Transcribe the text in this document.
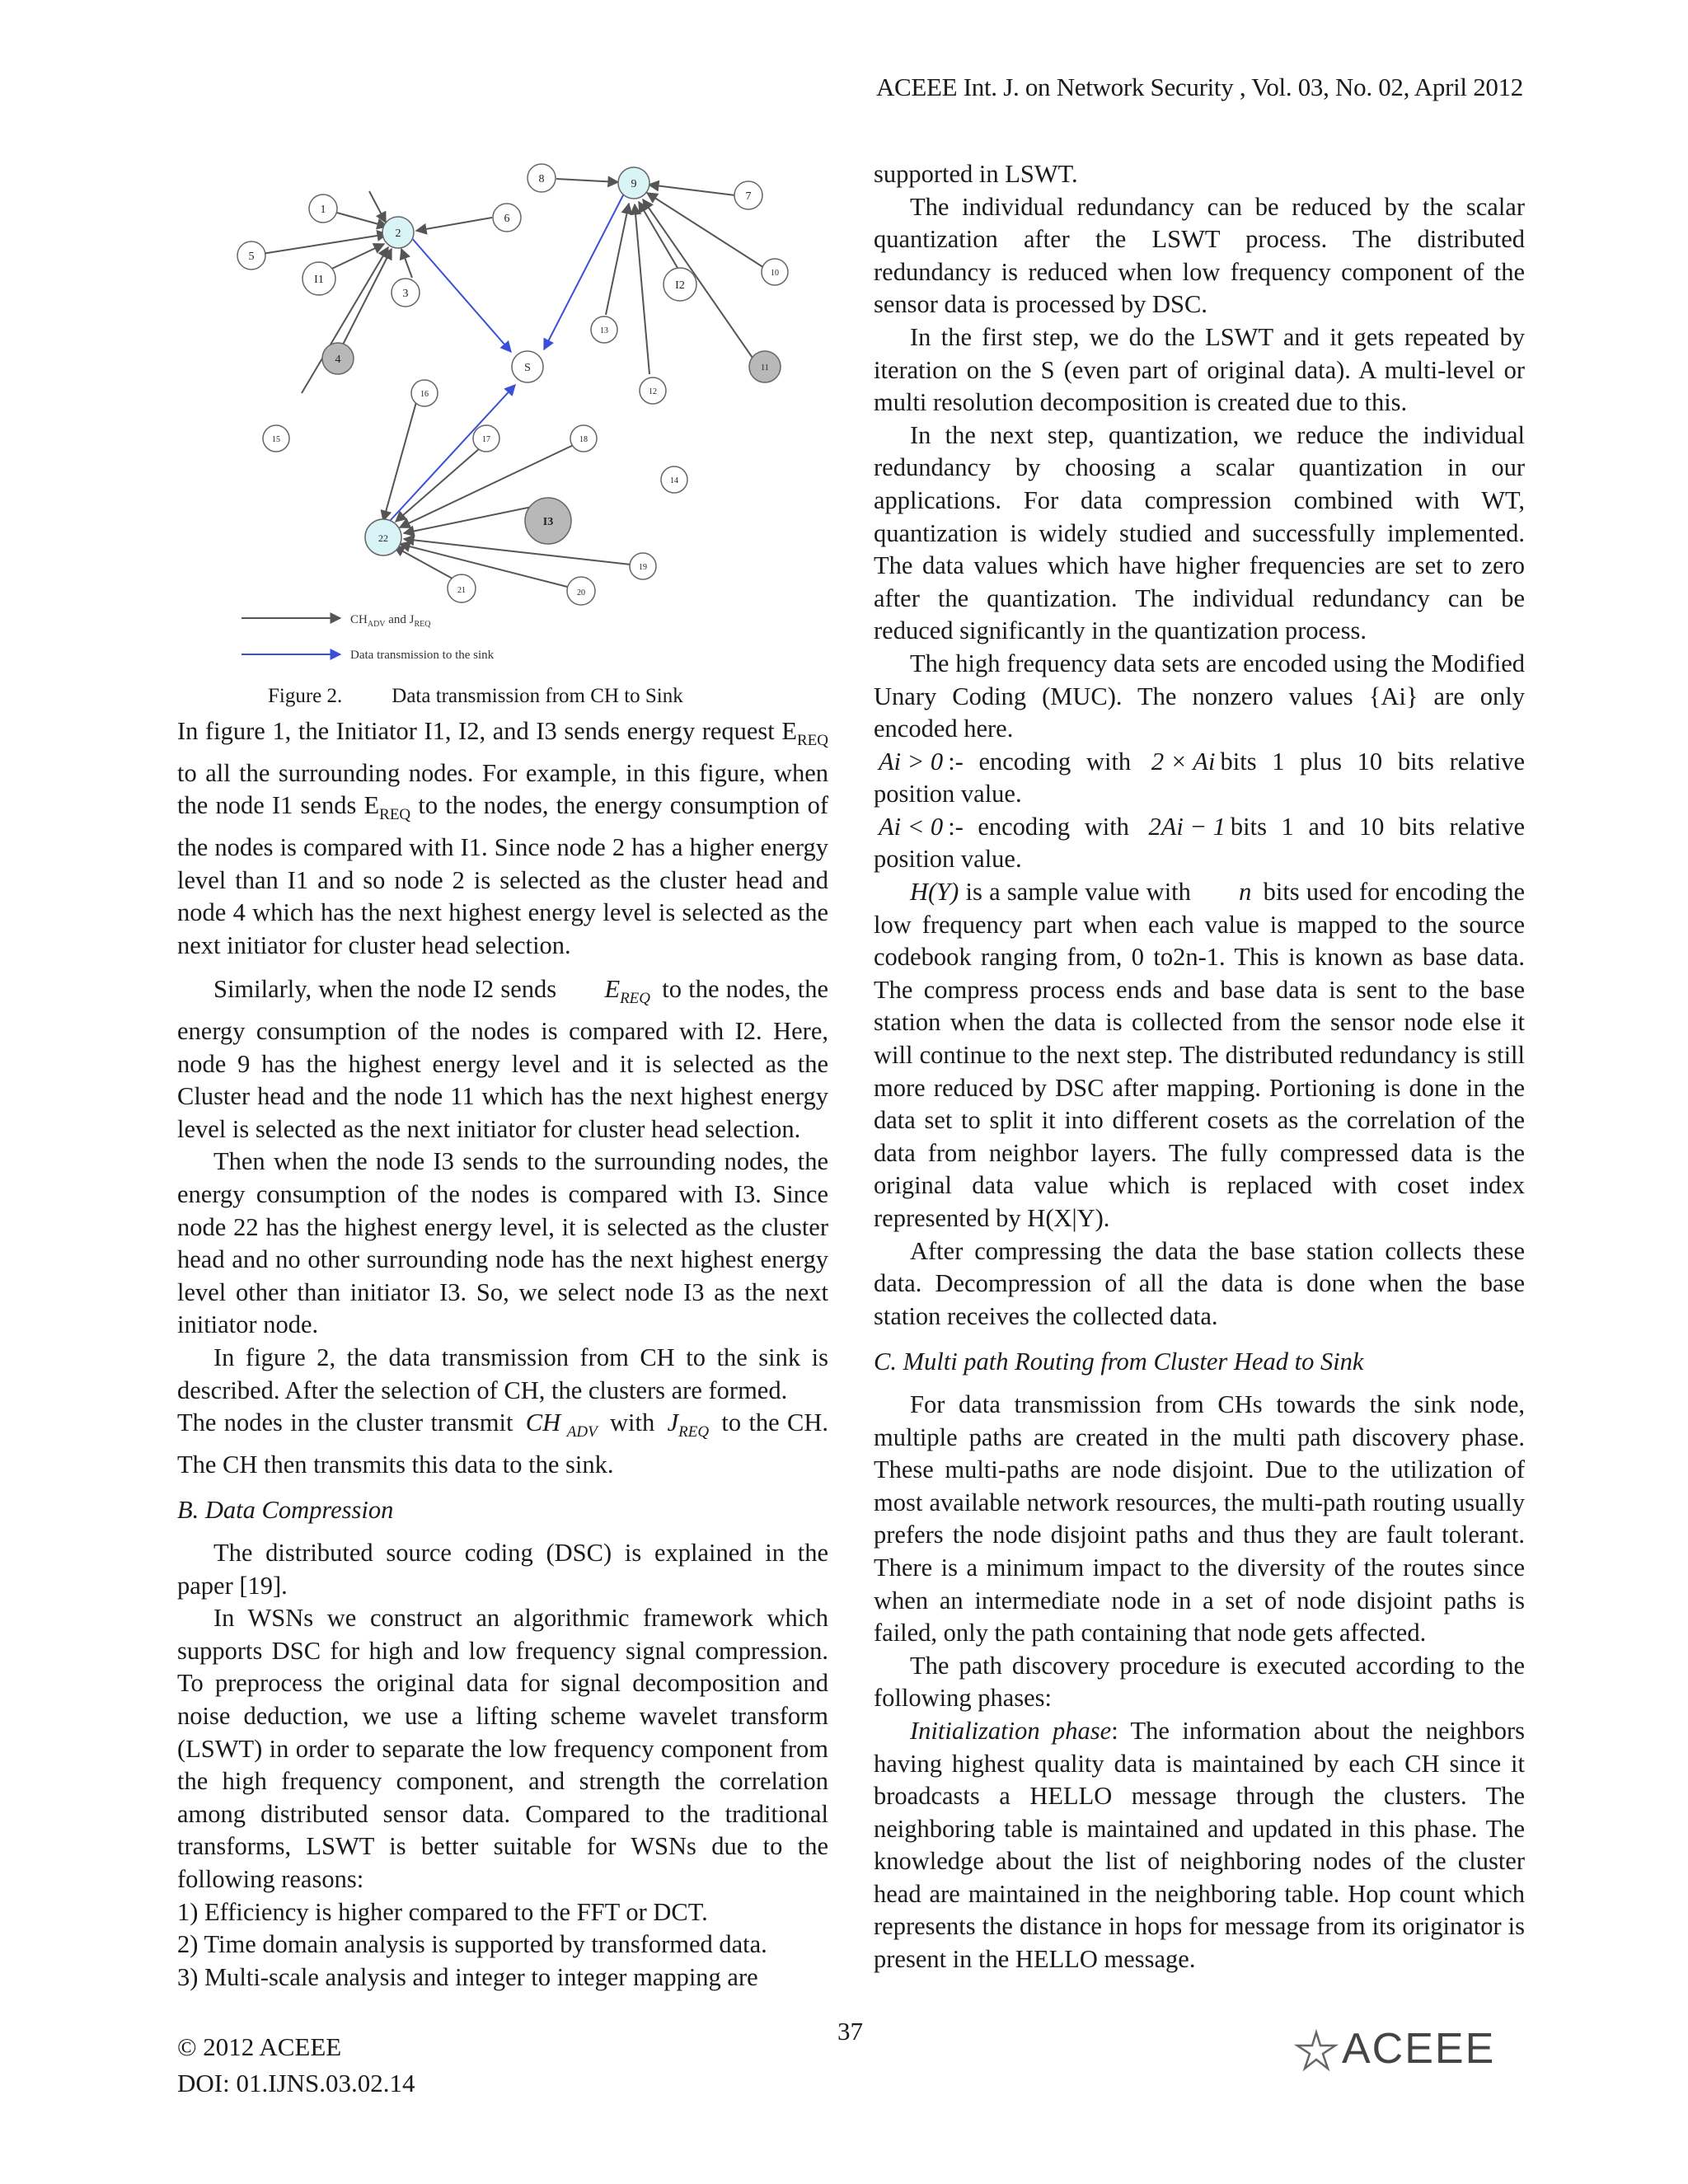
ACEEE Int. J. on Network Security , Vol. 03, No. 02, April 2012
1
2
3
4
5
6
7
8	9
10
I1	I2
I3
11
12
13
14
15
16
17	18
19
20
21
22
S
$CH_{ADV}$ and $J_{REQ}$
Data transmission to the sink
Figure 2. Data transmission from CH to Sink

In figure 1, the Initiator I1, I2, and I3 sends energy request $E_{REQ}$ to all the surrounding nodes. For example, in this figure, when the node I1 sends $E_{REQ}$ to the nodes, the energy consumption of the nodes is compared with I1. Since node 2 has a higher energy level than I1 and so node 2 is selected as the cluster head and node 4 which has the next highest energy level is selected as the next initiator for cluster head selection.

Similarly, when the node I2 sends $E_{REQ}$ to the nodes, the energy consumption of the nodes is compared with I2. Here, node 9 has the highest energy level and it is selected as the Cluster head and the node 11 which has the next highest energy level is selected as the next initiator for cluster head selection.

Then when the node I3 sends to the surrounding nodes, the energy consumption of the nodes is compared with I3. Since node 22 has the highest energy level, it is selected as the cluster head and no other surrounding node has the next highest energy level other than initiator I3. So, we select node I3 as the next initiator node.

In figure 2, the data transmission from CH to the sink is described. After the selection of CH, the clusters are formed.

The nodes in the cluster transmit CH $_{ADV}$ with $J_{REQ}$ to the CH. The CH then transmits this data to the sink.

B. Data Compression

The distributed source coding (DSC) is explained in the paper [19].

In WSNs we construct an algorithmic framework which supports DSC for high and low frequency signal compression. To preprocess the original data for signal decomposition and noise deduction, we use a lifting scheme wavelet transform (LSWT) in order to separate the low frequency component from the high frequency component, and strength the correlation among distributed sensor data. Compared to the traditional transforms, LSWT is better suitable for WSNs due to the following reasons:

1) Efficiency is higher compared to the FFT or DCT.
2) Time domain analysis is supported by transformed data.
3) Multi-scale analysis and integer to integer mapping are

supported in LSWT.

The individual redundancy can be reduced by the scalar quantization after the LSWT process. The distributed redundancy is reduced when low frequency component of the sensor data is processed by DSC.

In the first step, we do the LSWT and it gets repeated by iteration on the S (even part of original data). A multi-level or multi resolution decomposition is created due to this.

In the next step, quantization, we reduce the individual redundancy by choosing a scalar quantization in our applications. For data compression combined with WT, quantization is widely studied and successfully implemented. The data values which have higher frequencies are set to zero after the quantization. The individual redundancy can be reduced significantly in the quantization process.

The high frequency data sets are encoded using the Modified Unary Coding (MUC). The nonzero values {Ai} are only encoded here.

Ai > 0 :- encoding with 2 × Ai bits 1 plus 10 bits relative position value.

Ai < 0 :- encoding with 2Ai − 1 bits 1 and 10 bits relative position value.

H(Y) is a sample value with n bits used for encoding the low frequency part when each value is mapped to the source codebook ranging from, 0 to2n-1. This is known as base data. The compress process ends and base data is sent to the base station when the data is collected from the sensor node else it will continue to the next step. The distributed redundancy is still more reduced by DSC after mapping. Portioning is done in the data set to split it into different cosets as the correlation of the data from neighbor layers. The fully compressed data is the original data value which is replaced with coset index represented by H(X|Y).

After compressing the data the base station collects these data. Decompression of all the data is done when the base station receives the collected data.

C. Multi path Routing from Cluster Head to Sink

For data transmission from CHs towards the sink node, multiple paths are created in the multi path discovery phase. These multi-paths are node disjoint. Due to the utilization of most available network resources, the multi-path routing usually prefers the node disjoint paths and thus they are fault tolerant. There is a minimum impact to the diversity of the routes since when an intermediate node in a set of node disjoint paths is failed, only the path containing that node gets affected.

The path discovery procedure is executed according to the following phases:

Initialization phase: The information about the neighbors having highest quality data is maintained by each CH since it broadcasts a HELLO message through the clusters. The neighboring table is maintained and updated in this phase. The knowledge about the list of neighboring nodes of the cluster head are maintained in the neighboring table. Hop count which represents the distance in hops for message from its originator is present in the HELLO message.

37
© 2012 ACEEE
DOI: 01.IJNS.03.02.14
ACEEE
